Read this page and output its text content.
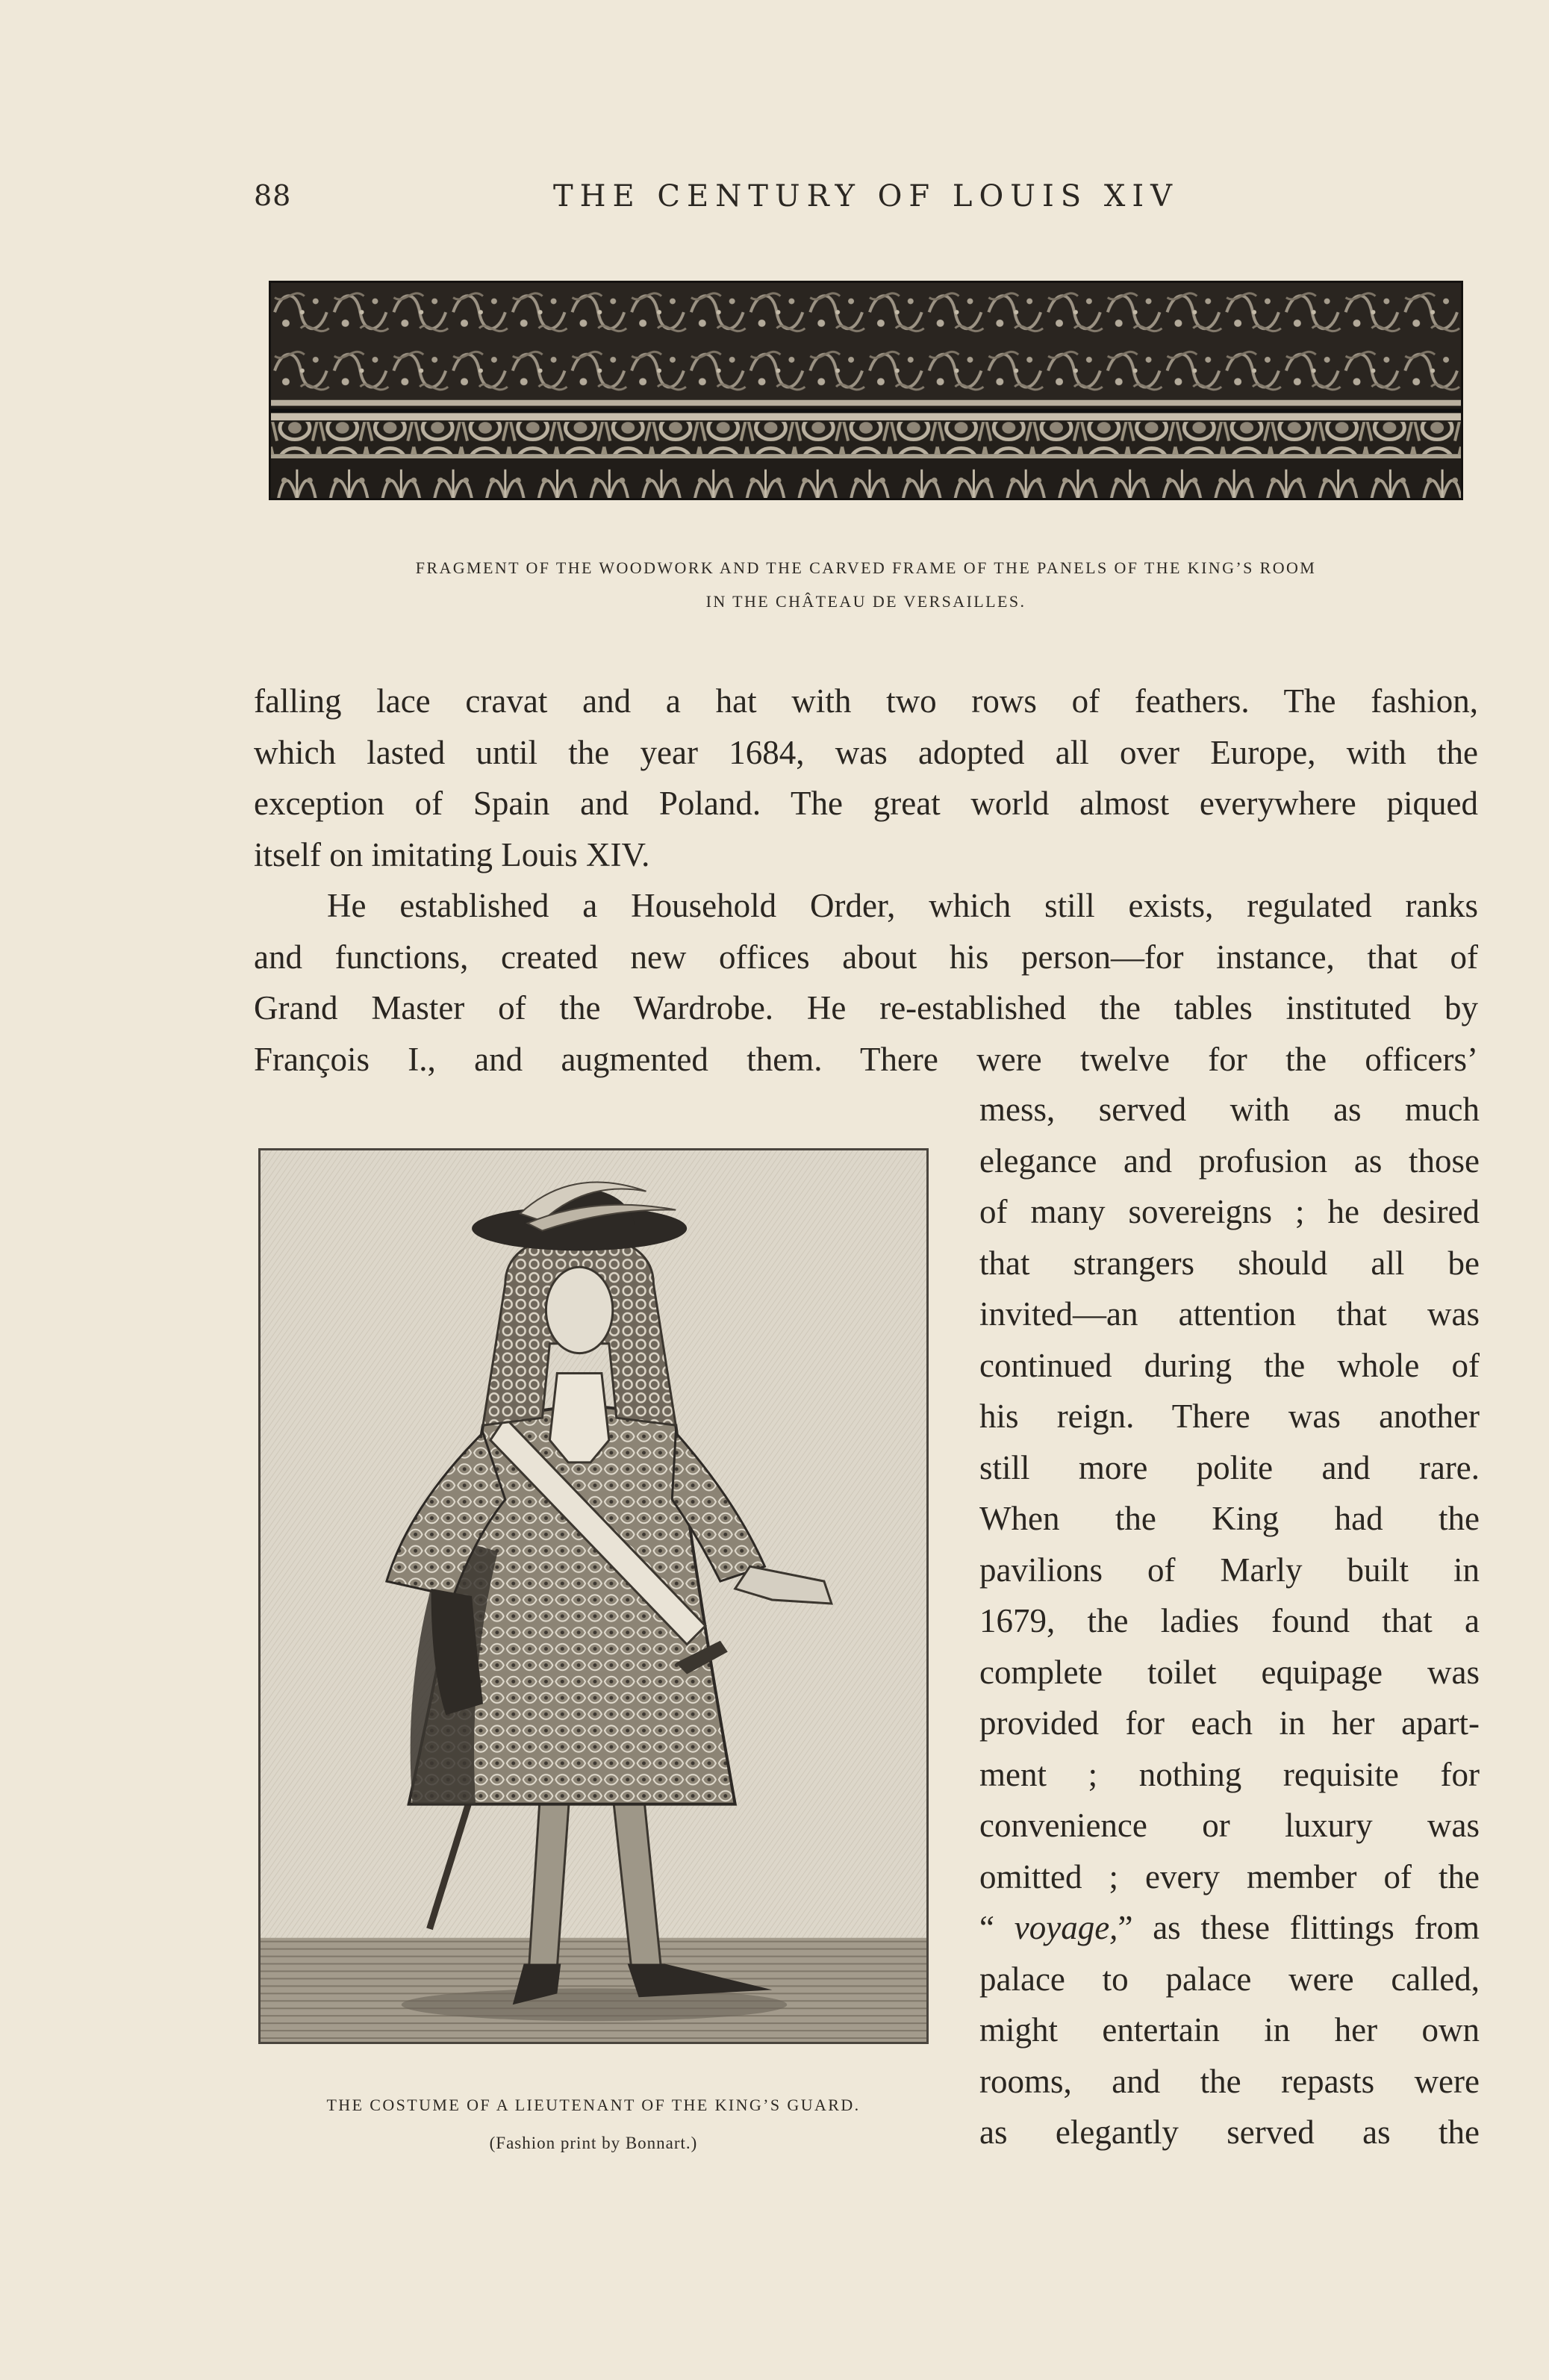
88	THE CENTURY OF LOUIS XIV
FRAGMENT OF THE WOODWORK AND THE CARVED FRAME OF THE PANELS OF THE KING’S ROOM
IN THE CHÂTEAU DE VERSAILLES.
falling lace cravat and a hat with two rows of feathers. The fashion,
which lasted until the year 1684, was adopted all over Europe, with the
exception of Spain and Poland. The great world almost everywhere piqued
itself on imitating Louis XIV.
He established a Household Order, which still exists, regulated ranks
and functions, created new offices about his person—for instance, that of
Grand Master of the Wardrobe. He re-established the tables instituted by
François I., and augmented them. There were twelve for the officers’
mess, served with as much
elegance and profusion as those
of many sovereigns ; he desired
that strangers should all be
invited—an attention that was
continued during the whole of
his reign. There was another
still more polite and rare.
When the King had the
pavilions of Marly built in
1679, the ladies found that a
complete toilet equipage was
provided for each in her apart-
ment ; nothing requisite for
convenience or luxury was
omitted ; every member of the
“ voyage,” as these flittings from
palace to palace were called,
might entertain in her own
rooms, and the repasts were
as elegantly served as the
THE COSTUME OF A LIEUTENANT OF THE KING’S GUARD.
(Fashion print by Bonnart.)
